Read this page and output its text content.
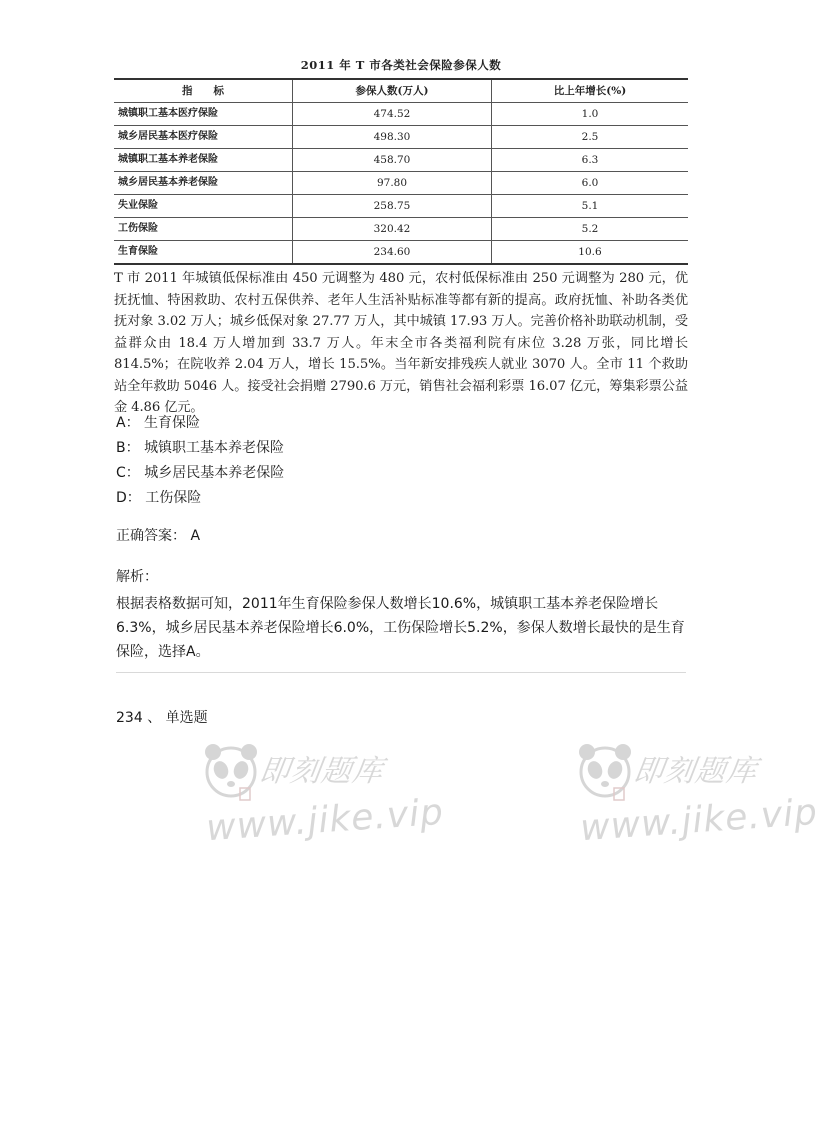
2011 年 T 市各类社会保险参保人数
指　　标	参保人数(万人)	比上年增长(%)
城镇职工基本医疗保险	474.52	1.0
城乡居民基本医疗保险	498.30	2.5
城镇职工基本养老保险	458.70	6.3
城乡居民基本养老保险	97.80	6.0
失业保险	258.75	5.1
工伤保险	320.42	5.2
生育保险	234.60	10.6
T 市 2011 年城镇低保标准由 450 元调整为 480 元，农村低保标准由 250 元调整为 280 元，优抚抚恤、特困救助、农村五保供养、老年人生活补贴标准等都有新的提高。政府抚恤、补助各类优抚对象 3.02 万人；城乡低保对象 27.77 万人，其中城镇 17.93 万人。完善价格补助联动机制，受益群众由 18.4 万人增加到 33.7 万人。年末全市各类福利院有床位 3.28 万张，同比增长 814.5%；在院收养 2.04 万人，增长 15.5%。当年新安排残疾人就业 3070 人。全市 11 个救助站全年救助 5046 人。接受社会捐赠 2790.6 万元，销售社会福利彩票 16.07 亿元，筹集彩票公益金 4.86 亿元。
A： 生育保险
B： 城镇职工基本养老保险
C： 城乡居民基本养老保险
D： 工伤保险
正确答案： A
解析：
根据表格数据可知，2011年生育保险参保人数增长10.6%，城镇职工基本养老保险增长6.3%，城乡居民基本养老保险增长6.0%，工伤保险增长5.2%，参保人数增长最快的是生育保险，选择A。
234 、 单选题
即刻题库
www.jike.vip
即刻题库
www.jike.vip
